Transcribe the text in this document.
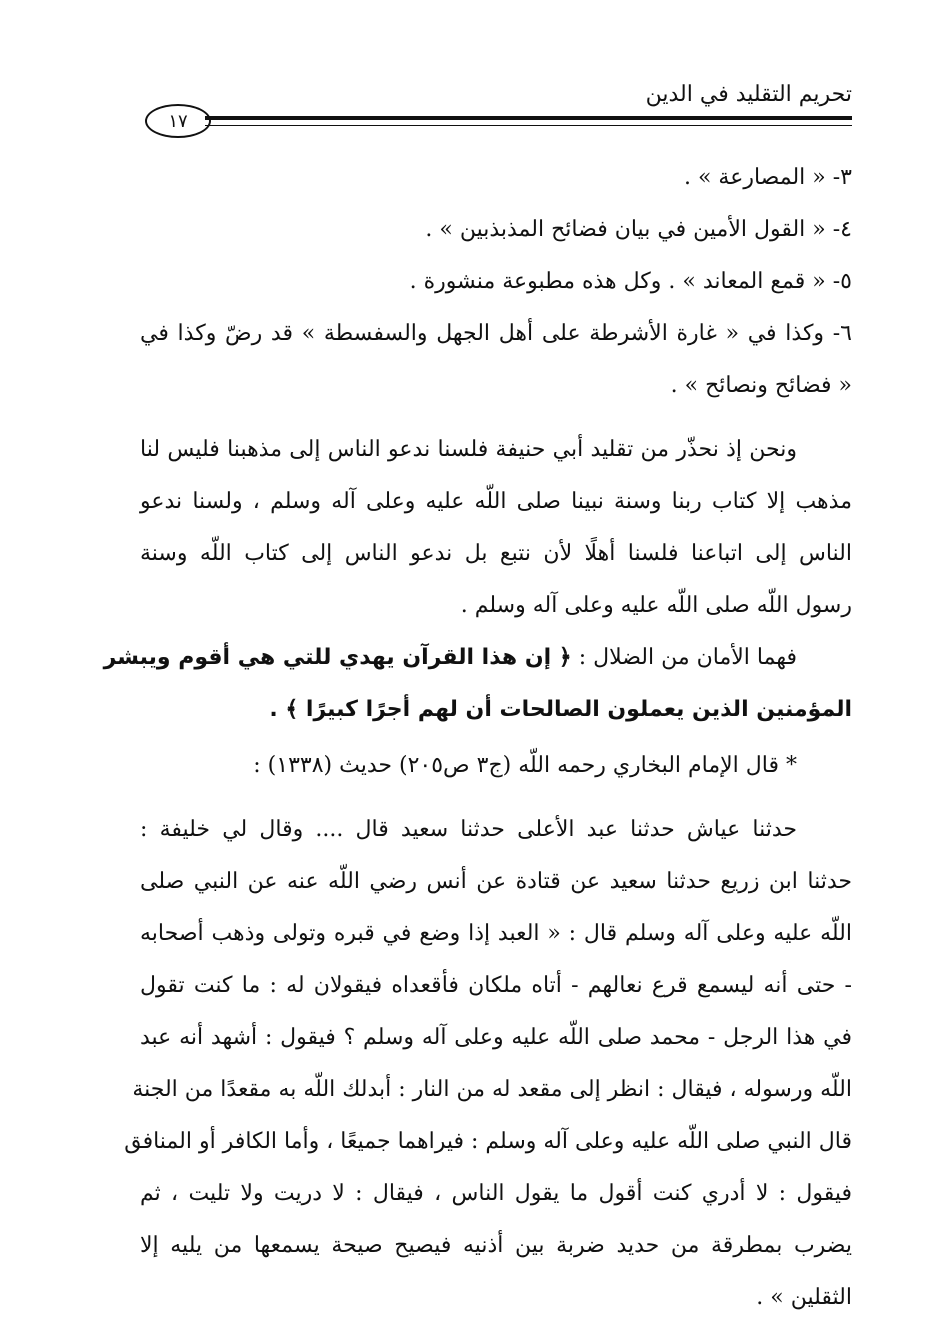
تحريم التقليد في الدين
١٧
٣- « المصارعة » .
٤- « القول الأمين في بيان فضائح المذبذبين » .
٥- « قمع المعاند » . وكل هذه مطبوعة منشورة .
٦- وكذا في « غارة الأشرطة على أهل الجهل والسفسطة » قد رضّ وكذا في
« فضائح ونصائح » .
ونحن إذ نحذّر من تقليد أبي حنيفة فلسنا ندعو الناس إلى مذهبنا فليس لنا
مذهب إلا كتاب ربنا وسنة نبينا صلى اللّه عليه وعلى آله وسلم ، ولسنا ندعو
الناس إلى اتباعنا فلسنا أهلًا لأن نتبع بل ندعو الناس إلى كتاب اللّه وسنة
رسول اللّه صلى اللّه عليه وعلى آله وسلم .
فهما الأمان من الضلال : ﴿ إن هذا القرآن يهدي للتي هي أقوم ويبشر
المؤمنين الذين يعملون الصالحات أن لهم أجرًا كبيرًا ﴾ .
* قال الإمام البخاري رحمه اللّه (ج٣ ص٢٠٥) حديث (١٣٣٨) :
حدثنا عياش حدثنا عبد الأعلى حدثنا سعيد قال .... وقال لي خليفة :
حدثنا ابن زريع حدثنا سعيد عن قتادة عن أنس رضي اللّه عنه عن النبي صلى
اللّه عليه وعلى آله وسلم قال : « العبد إذا وضع في قبره وتولى وذهب أصحابه
- حتى أنه ليسمع قرع نعالهم - أتاه ملكان فأقعداه فيقولان له : ما كنت تقول
في هذا الرجل - محمد صلى اللّه عليه وعلى آله وسلم ؟ فيقول : أشهد أنه عبد
اللّه ورسوله ، فيقال : انظر إلى مقعد له من النار : أبدلك اللّه به مقعدًا من الجنة
قال النبي صلى اللّه عليه وعلى آله وسلم : فيراهما جميعًا ، وأما الكافر أو المنافق
فيقول : لا أدري كنت أقول ما يقول الناس ، فيقال : لا دريت ولا تليت ، ثم
يضرب بمطرقة من حديد ضربة بين أذنيه فيصيح صيحة يسمعها من يليه إلا
الثقلين » .
